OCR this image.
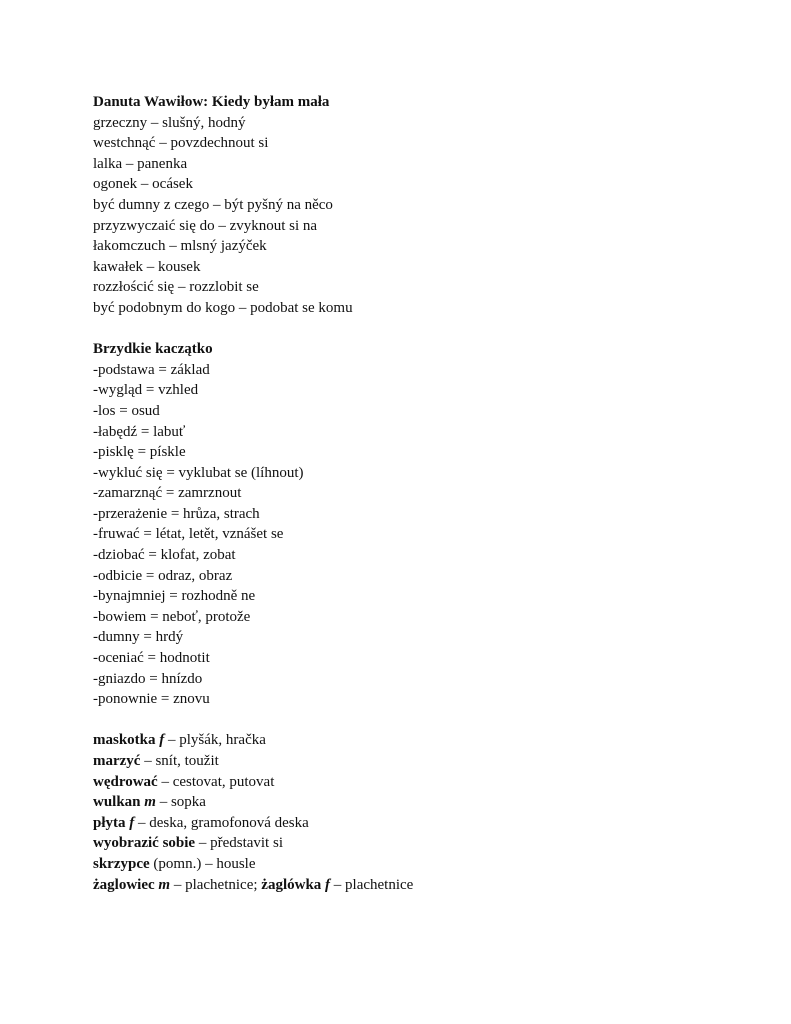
Danuta Wawiłow: Kiedy byłam mała
grzeczny – slušný, hodný
westchnąć – povzdechnout si
lalka – panenka
ogonek – ocásek
być dumny z czego – být pyšný na něco
przyzwyczaić się do – zvyknout si na
łakomczuch – mlsný jazýček
kawałek – kousek
rozzłościć się – rozzlobit se
być podobnym do kogo – podobat se komu
Brzydkie kaczątko
-podstawa = základ
-wygląd = vzhled
-los = osud
-łabędź = labuť
-pisklę = pískle
-wykluć się = vyklubat se (líhnout)
-zamarznąć = zamrznout
-przerażenie = hrůza, strach
-fruwać = létat, letět, vznášet se
-dziobać = klofat, zobat
-odbicie = odraz, obraz
-bynajmniej = rozhodně ne
-bowiem = neboť, protože
-dumny = hrdý
-oceniać = hodnotit
-gniazdo = hnízdo
-ponownie = znovu
maskotka f – plyšák, hračka
marzyć – snít, toužit
wędrować – cestovat, putovat
wulkan m – sopka
płyta f – deska, gramofonová deska
wyobrazić sobie – představit si
skrzypce (pomn.) – housle
żaglowiec m – plachetnice; żaglówka f – plachetnice
